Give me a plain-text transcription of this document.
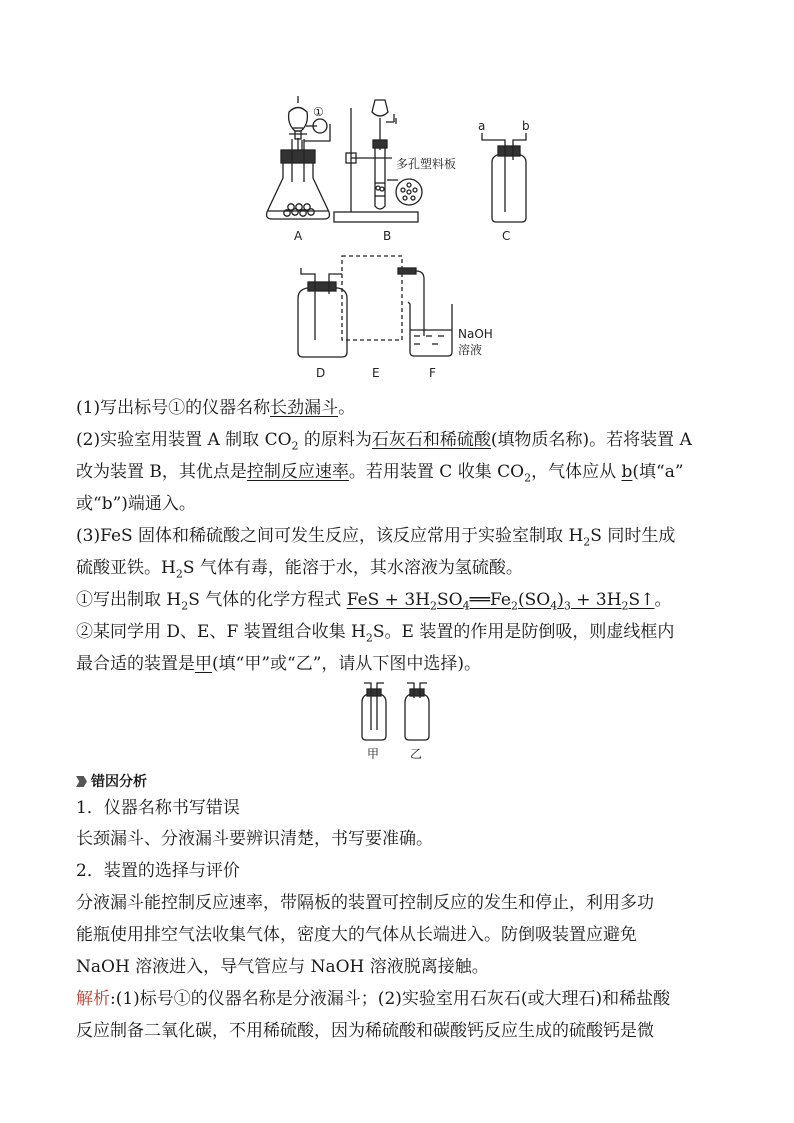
A	B	C
①
a	b
多孔塑料板
D	E	F
NaOH
溶液
甲	乙
(1)写出标号①的仪器名称长劲漏斗。
(2)实验室用装置 A 制取 $CO_2$ 的原料为石灰石和稀硫酸(填物质名称)。若将装置 A
改为装置 B，其优点是控制反应速率。若用装置 C 收集 $CO_2$，气体应从 b(填“a”
或“b”)端通入。
(3)FeS 固体和稀硫酸之间可发生反应，该反应常用于实验室制取 $H_2S$ 同时生成
硫酸亚铁。$H_2S$ 气体有毒，能溶于水，其水溶液为氢硫酸。
①写出制取 $H_2S$ 气体的化学方程式 FeS + $3H_2SO_4══Fe_2(SO_4)_3$ + $3H_2S↑$。
②某同学用 D、E、F 装置组合收集 $H_2S$。E 装置的作用是防倒吸，则虚线框内
最合适的装置是甲(填“甲”或“乙”，请从下图中选择)。
错因分析
1．仪器名称书写错误
长颈漏斗、分液漏斗要辨识清楚，书写要准确。
2．装置的选择与评价
分液漏斗能控制反应速率，带隔板的装置可控制反应的发生和停止，利用多功
能瓶使用排空气法收集气体，密度大的气体从长端进入。防倒吸装置应避免
NaOH 溶液进入，导气管应与 NaOH 溶液脱离接触。
解析:(1)标号①的仪器名称是分液漏斗；(2)实验室用石灰石(或大理石)和稀盐酸
反应制备二氧化碳，不用稀硫酸，因为稀硫酸和碳酸钙反应生成的硫酸钙是微
